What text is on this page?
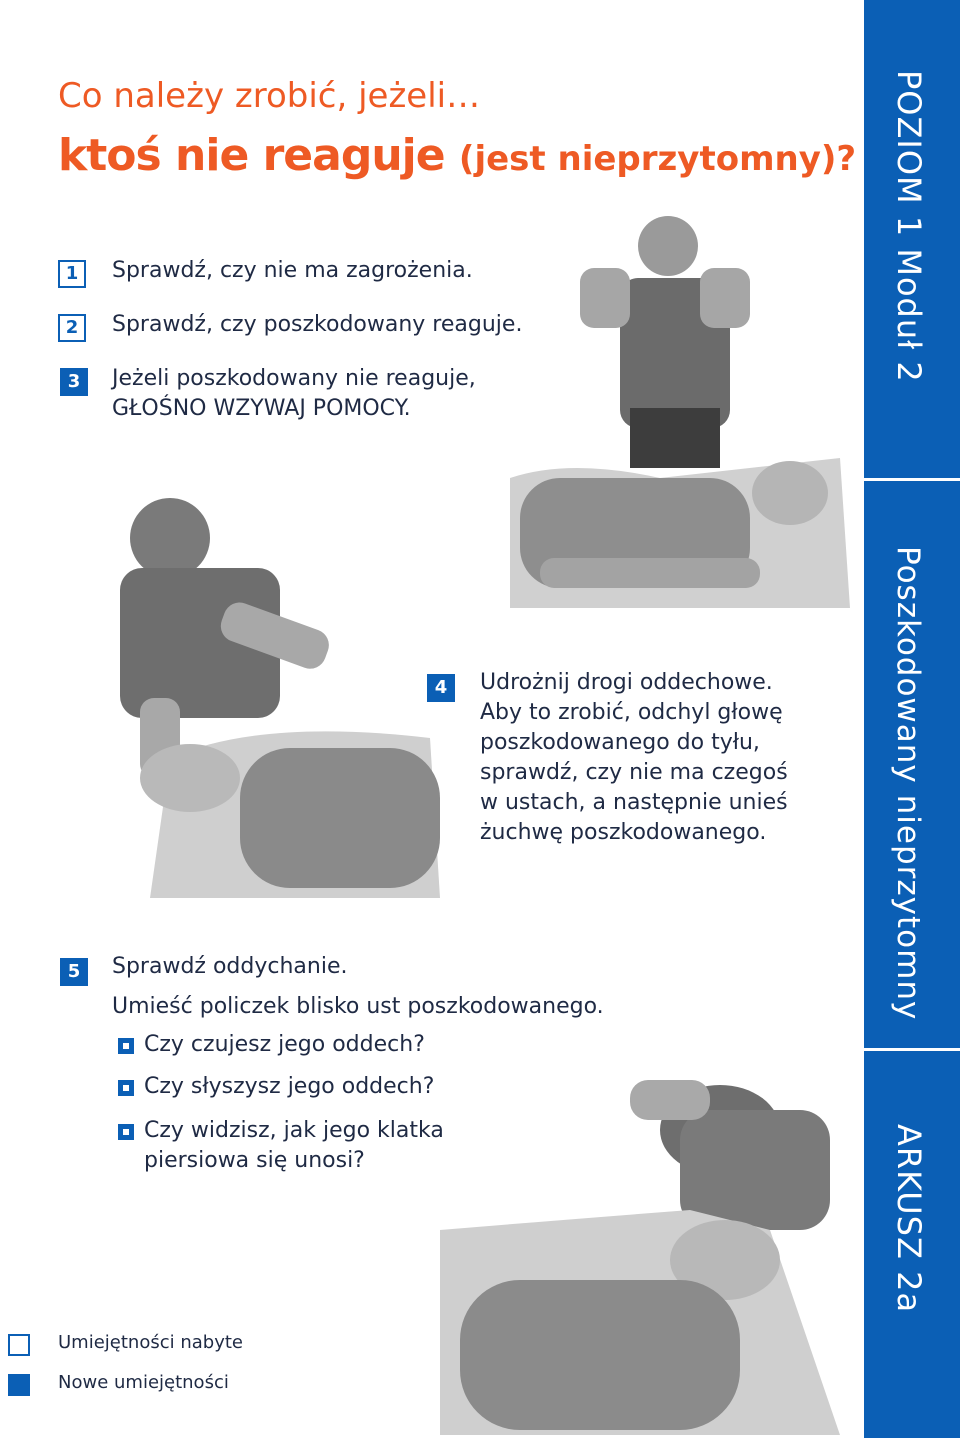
Co należy zrobić, jeżeli…
ktoś nie reaguje (jest nieprzytomny)?
1	Sprawdź, czy nie ma zagrożenia.
2	Sprawdź, czy poszkodowany reaguje.
3	Jeżeli poszkodowany nie reaguje,
GŁOŚNO WZYWAJ POMOCY.
4	Udrożnij drogi oddechowe.
Aby to zrobić, odchyl głowę
poszkodowanego do tyłu,
sprawdź, czy nie ma czegoś
w ustach, a następnie unieś
żuchwę poszkodowanego.
5	Sprawdź oddychanie.
Umieść policzek blisko ust poszkodowanego.
Czy czujesz jego oddech?
Czy słyszysz jego oddech?
Czy widzisz, jak jego klatka
piersiowa się unosi?
Umiejętności nabyte
Nowe umiejętności
POZIOM 1 Moduł 2
Poszkodowany nieprzytomny
ARKUSZ 2a
